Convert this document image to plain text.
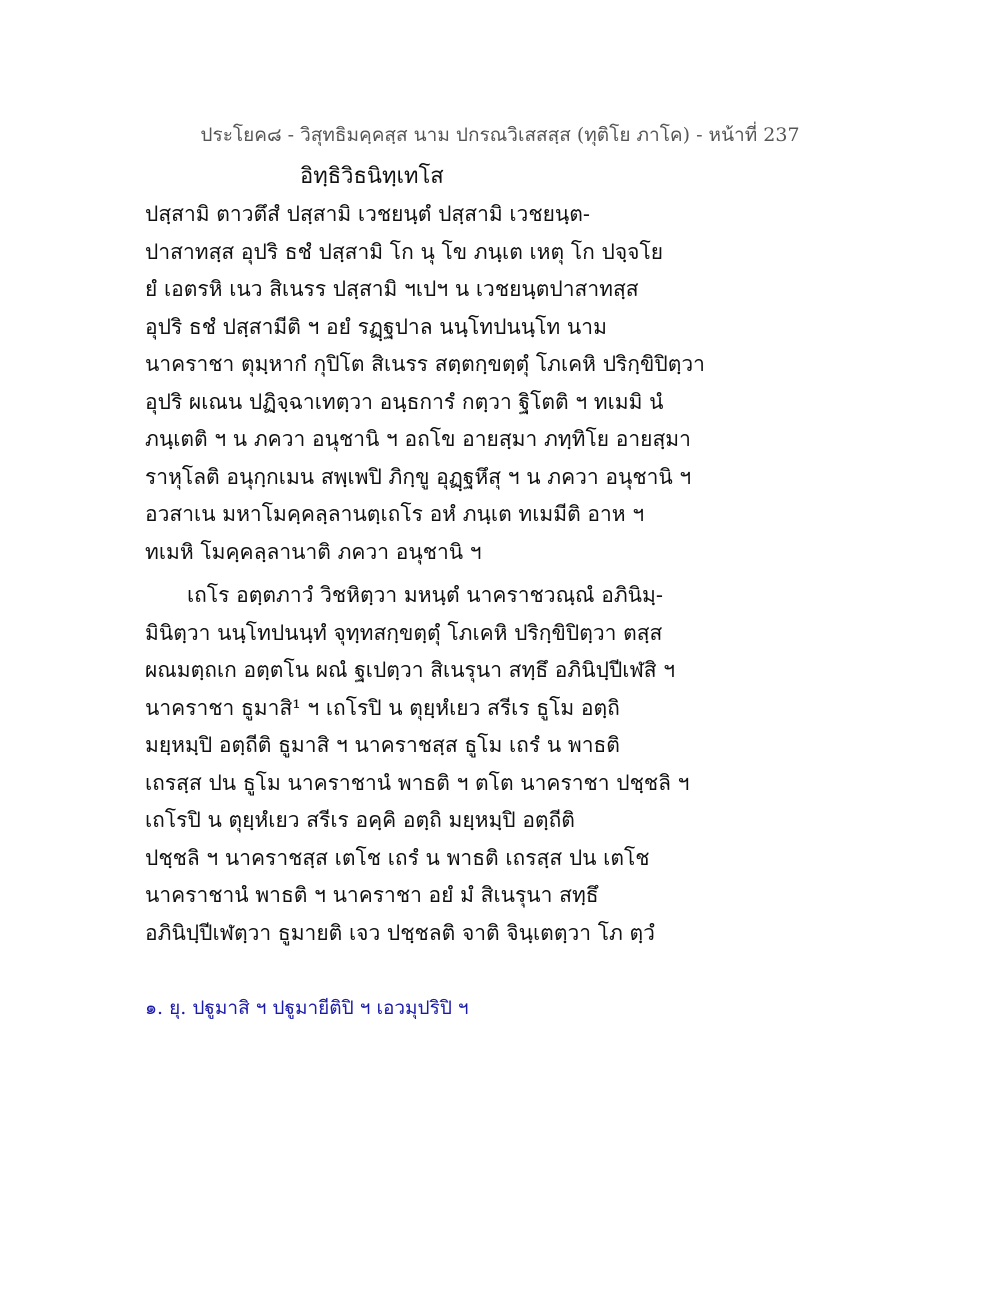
ประโยค๘ - วิสุทธิมคฺคสฺส นาม ปกรณวิเสสสฺส (ทุติโย ภาโค) - หน้าที่ 237
อิทฺธิวิธนิทฺเทโส
ปสฺสามิ ตาวตึสํ ปสฺสามิ เวชยนฺตํ ปสฺสามิ เวชยนฺต-
ปาสาทสฺส อุปริ ธชํ ปสฺสามิ โก นุ โข ภนฺเต เหตุ โก ปจฺจโย
ยํ เอตรหิ เนว สิเนรร ปสฺสามิ ฯเปฯ น เวชยนฺตปาสาทสฺส
อุปริ ธชํ ปสฺสามีติ ฯ อยํ รฏฺฐปาล นนฺโทปนนฺโท นาม
นาคราชา ตุมฺหากํ กุปิโต สิเนรร สตฺตกฺขตฺตุํ โภเคหิ ปริกฺขิปิตฺวา
อุปริ ผเณน ปฏิจฺฉาเทตฺวา อนฺธการํ กตฺวา ฐิโตติ ฯ ทเมมิ นํ
ภนฺเตติ ฯ น ภควา อนุชานิ ฯ อถโข อายสฺมา ภทฺทิโย อายสฺมา
ราหุโลติ อนุกฺกเมน สพฺเพปิ ภิกฺขู อุฏฺฐหึสุ ฯ น ภควา อนุชานิ ฯ
อวสาเน มหาโมคฺคลฺลานตฺเถโร อหํ ภนฺเต ทเมมีติ อาห ฯ
ทเมหิ โมคฺคลฺลานาติ ภควา อนุชานิ ฯ
เถโร อตฺตภาวํ วิชหิตฺวา มหนฺตํ นาคราชวณฺณํ อภินิมฺ-
มินิตฺวา นนฺโทปนนฺทํ จุทฺทสกฺขตฺตุํ โภเคหิ ปริกฺขิปิตฺวา ตสฺส
ผณมตฺถเก อตฺตโน ผณํ ฐเปตฺวา สิเนรุนา สทฺธึ อภินิปฺปีเฬสิ ฯ
นาคราชา ธูมาสิ¹ ฯ เถโรปิ น ตุยฺหํเยว สรีเร ธูโม อตฺถิ
มยฺหมฺปิ อตฺถีติ ธูมาสิ ฯ นาคราชสฺส ธูโม เถรํ น พาธติ
เถรสฺส ปน ธูโม นาคราชานํ พาธติ ฯ ตโต นาคราชา ปชฺชลิ ฯ
เถโรปิ น ตุยฺหํเยว สรีเร อคฺคิ อตฺถิ มยฺหมฺปิ อตฺถีติ
ปชฺชลิ ฯ นาคราชสฺส เตโช เถรํ น พาธติ เถรสฺส ปน เตโช
นาคราชานํ พาธติ ฯ นาคราชา อยํ มํ สิเนรุนา สทฺธึ
อภินิปฺปีเฬตฺวา ธูมายติ เจว ปชฺชลติ จาติ จินฺเตตฺวา โภ ตฺวํ
๑. ยุ. ปฐูมาสิ ฯ ปฐูมายีติปิ ฯ เอวมุปริปิ ฯ
